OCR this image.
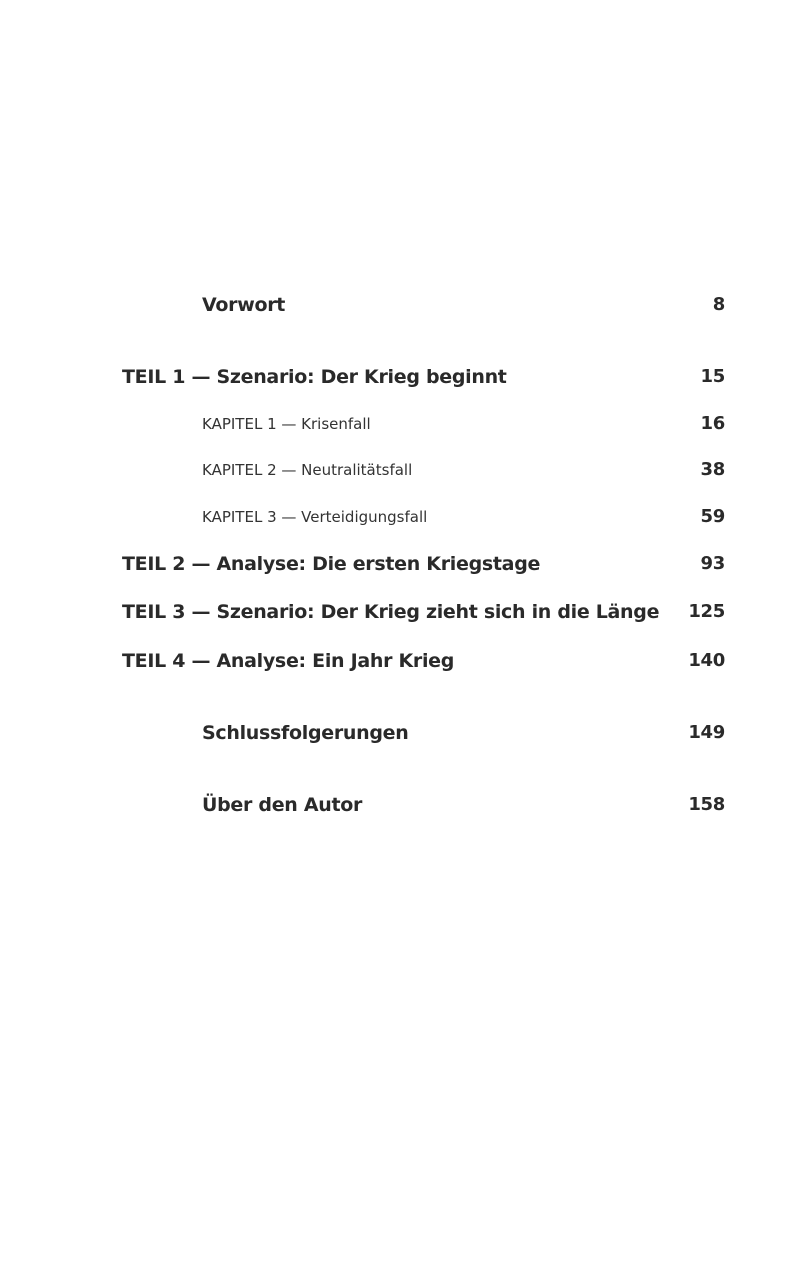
Vorwort	8
TEIL 1 — Szenario: Der Krieg beginnt	15
KAPITEL 1 — Krisenfall	16
KAPITEL 2 — Neutralitätsfall	38
KAPITEL 3 — Verteidigungsfall	59
TEIL 2 — Analyse: Die ersten Kriegstage	93
TEIL 3 — Szenario: Der Krieg zieht sich in die Länge 125
TEIL 4 — Analyse: Ein Jahr Krieg	140
Schlussfolgerungen	149
Über den Autor	158
